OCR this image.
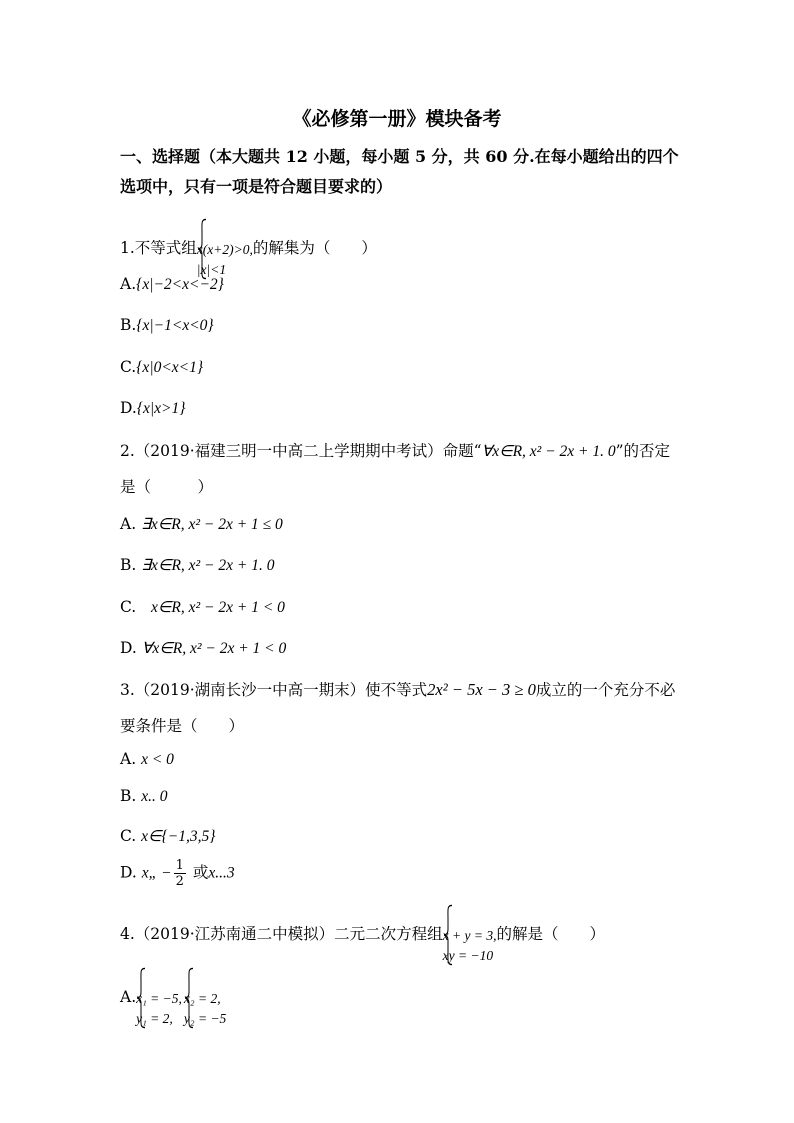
《必修第一册》模块备考
一、选择题（本大题共 12 小题，每小题 5 分，共 60 分.在每小题给出的四个选项中，只有一项是符合题目要求的）
1.不等式组 x(x+2)>0,
|x|<1
的解集为（　　）
A.{x|−2<x<−2}
B.{x|−1<x<0}
C.{x|0<x<1}
D.{x|x>1}
2.（2019·福建三明一中高二上学期期中考试）命题“∀x∈R, x² − 2x + 1. 0”的否定
是（　　　）
A. ∃x∈R, x² − 2x + 1 ≤ 0
B. ∃x∈R, x² − 2x + 1. 0
C. x∈R, x² − 2x + 1 < 0
D. ∀x∈R, x² − 2x + 1 < 0
3.（2019·湖南长沙一中高一期末）使不等式2x² − 5x − 3 ≥ 0成立的一个充分不必
要条件是（　　）
A. x < 0
B. x.. 0
C. x∈{−1,3,5}
D. x„ − $\frac{1}{2}$ 或x...3
4.（2019·江苏南通二中模拟）二元二次方程组 x + y = 3,
xy = −10
的解是（　　）
A. x₁ = −5,
y₁ = 2,
x₂ = 2,
y₂ = −5
